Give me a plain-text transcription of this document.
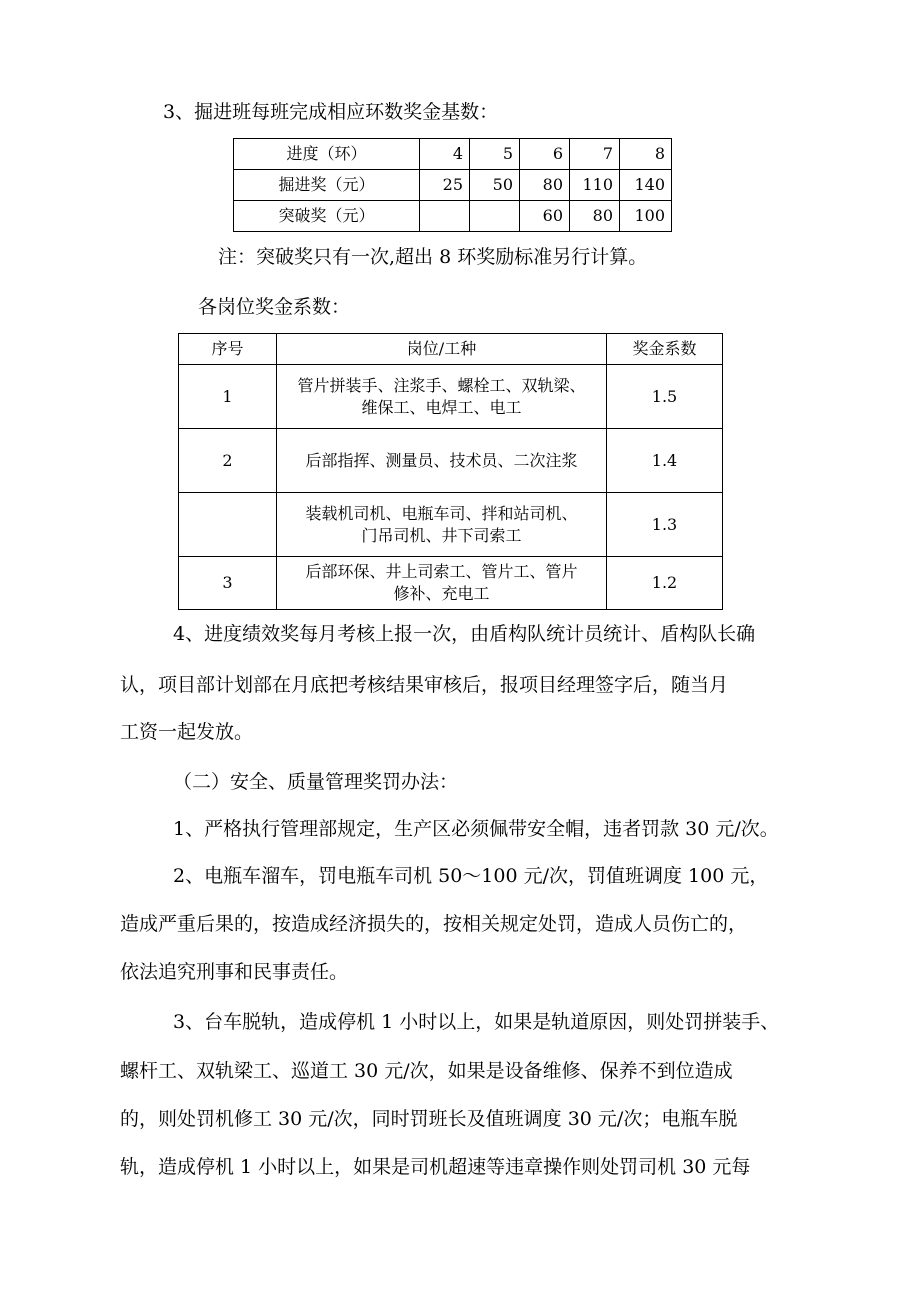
3、掘进班每班完成相应环数奖金基数：

进度（环）	4	5	6	7	8
掘进奖（元）	25	50	80	110	140
突破奖（元）			60	80	100

注：突破奖只有一次,超出 8 环奖励标准另行计算。

各岗位奖金系数：

序号	岗位/工种	奖金系数
1	管片拼装手、注浆手、螺栓工、双轨梁、
维保工、电焊工、电工	1.5
2	后部指挥、测量员、技术员、二次注浆	1.4

	装载机司机、电瓶车司、拌和站司机、
门吊司机、井下司索工	1.3
3	后部环保、井上司索工、管片工、管片
修补、充电工	1.2

4、进度绩效奖每月考核上报一次，由盾构队统计员统计、盾构队长确

认，项目部计划部在月底把考核结果审核后，报项目经理签字后，随当月

工资一起发放。

（二）安全、质量管理奖罚办法：

1、严格执行管理部规定，生产区必须佩带安全帽，违者罚款 30 元/次。

2、电瓶车溜车，罚电瓶车司机 50～100 元/次，罚值班调度 100 元，

造成严重后果的，按造成经济损失的，按相关规定处罚，造成人员伤亡的，

依法追究刑事和民事责任。

3、台车脱轨，造成停机 1 小时以上，如果是轨道原因，则处罚拼装手、

螺杆工、双轨梁工、巡道工 30 元/次，如果是设备维修、保养不到位造成

的，则处罚机修工 30 元/次，同时罚班长及值班调度 30 元/次；电瓶车脱

轨，造成停机 1 小时以上，如果是司机超速等违章操作则处罚司机 30 元每
